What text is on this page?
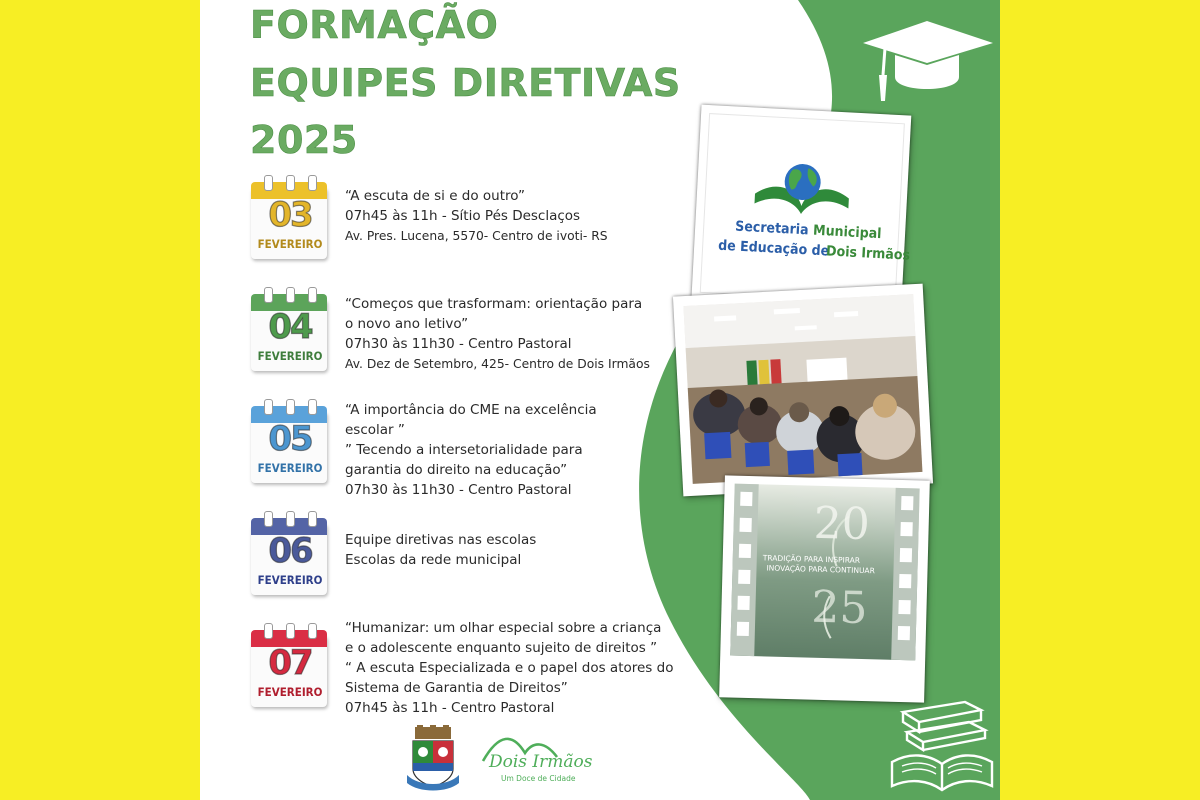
FORMAÇÃO
EQUIPES DIRETIVAS
2025
03
FEVEREIRO
04
FEVEREIRO
05
FEVEREIRO
06
FEVEREIRO
07
FEVEREIRO
“A escuta de si e do outro”
07h45 às 11h - Sítio Pés Desclaços
Av. Pres. Lucena, 5570- Centro de ivoti- RS
“Começos que trasformam: orientação para
o novo ano letivo”
07h30 às 11h30 - Centro Pastoral
Av. Dez de Setembro, 425- Centro de Dois Irmãos
“A importância do CME na excelência
escolar ”
” Tecendo a intersetorialidade para
garantia do direito na educação”
07h30 às 11h30 - Centro Pastoral
Equipe diretivas nas escolas
Escolas da rede municipal
“Humanizar: um olhar especial sobre a criança
e o adolescente enquanto sujeito de direitos ”
“ A escuta Especializada e o papel dos atores do
Sistema de Garantia de Direitos”
07h45 às 11h - Centro Pastoral
Secretaria Municipal
de Educação de
Dois Irmãos
20
TRADIÇÃO PARA INSPIRAR
INOVAÇÃO PARA CONTINUAR
25
Dois Irmãos
Um Doce de Cidade
